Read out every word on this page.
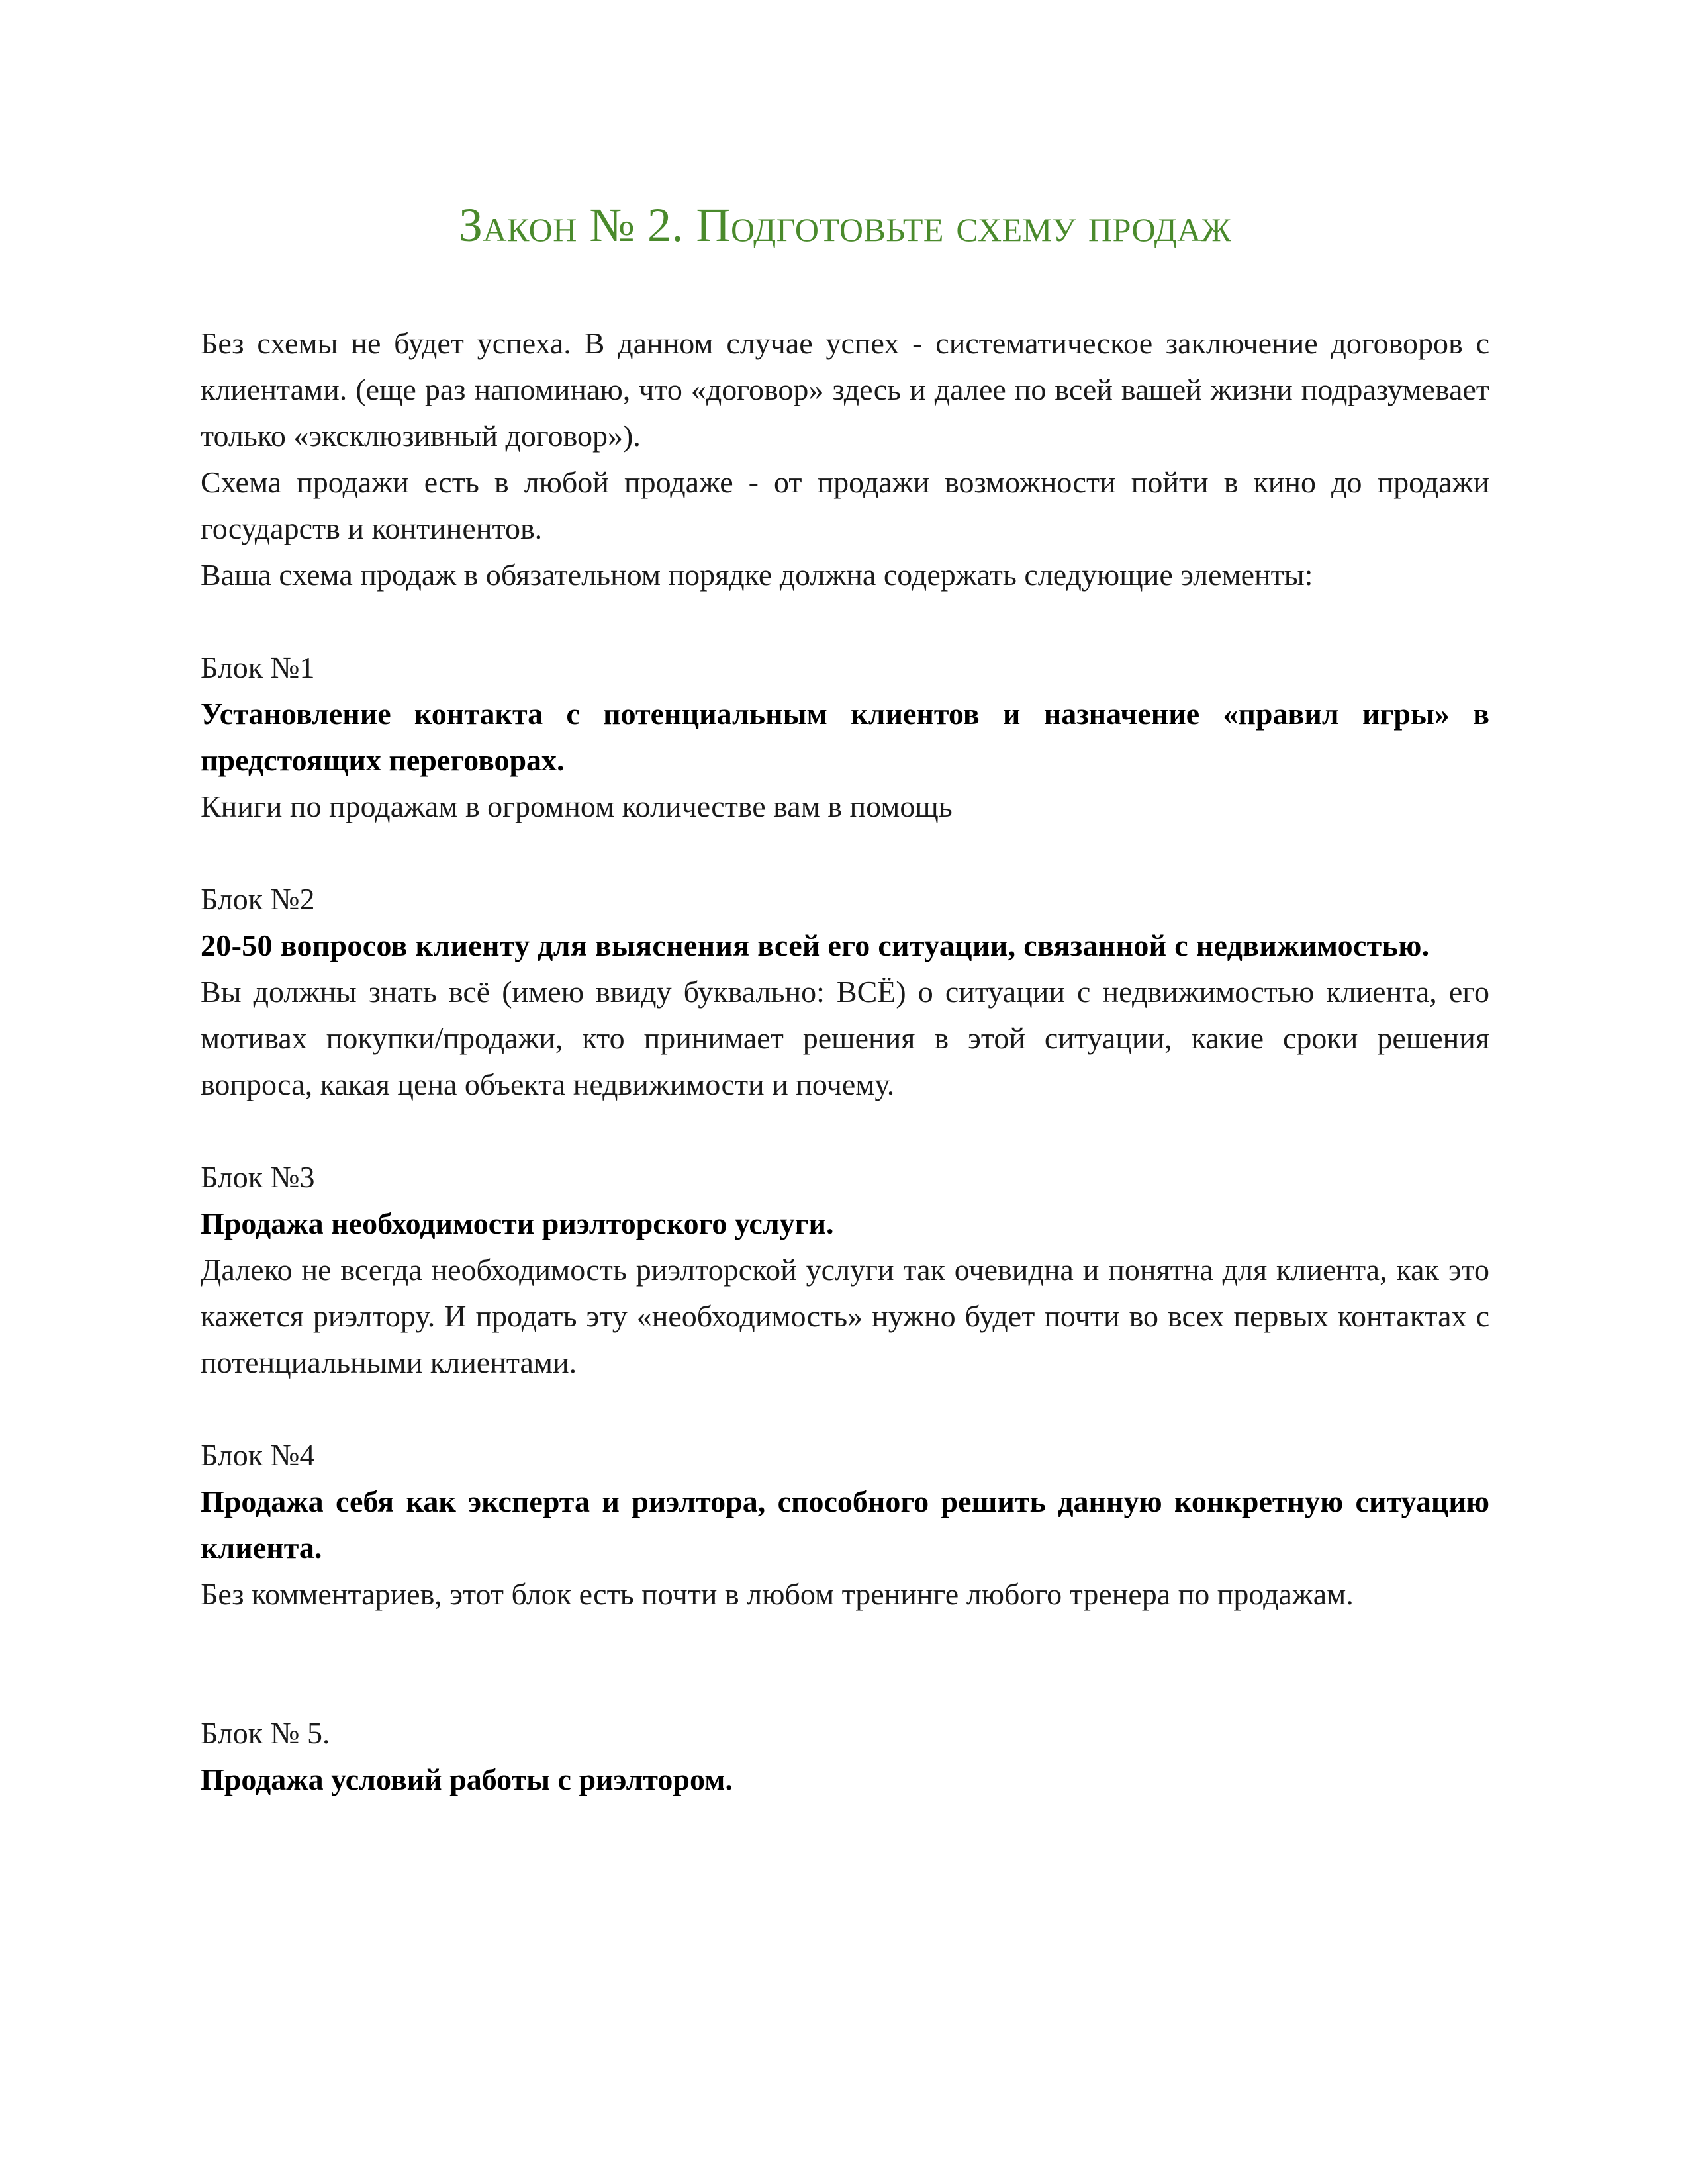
Закон № 2. Подготовьте схему продаж

Без схемы не будет успеха. В данном случае успех - систематическое заключение договоров с клиентами. (еще раз напоминаю, что «договор» здесь и далее по всей вашей жизни подразумевает только «эксклюзивный договор»).

Схема продажи есть в любой продаже - от продажи возможности пойти в кино до продажи государств и континентов.

Ваша схема продаж в обязательном порядке должна содержать следующие элементы:

Блок №1

Установление контакта с потенциальным клиентов и назначение «правил игры» в предстоящих переговорах.

Книги по продажам в огромном количестве вам в помощь

Блок №2

20-50 вопросов клиенту для выяснения всей его ситуации, связанной с недвижимостью.

Вы должны знать всё (имею ввиду буквально: ВСЁ) о ситуации с недвижимостью клиента, его мотивах покупки/продажи, кто принимает решения в этой ситуации, какие сроки решения вопроса, какая цена объекта недвижимости и почему.

Блок №3

Продажа необходимости риэлторского услуги.

Далеко не всегда необходимость риэлторской услуги так очевидна и понятна для клиента, как это кажется риэлтору. И продать эту «необходимость» нужно будет почти во всех первых контактах с потенциальными клиентами.

Блок №4

Продажа себя как эксперта и риэлтора, способного решить данную конкретную ситуацию клиента.

Без комментариев, этот блок есть почти в любом тренинге любого тренера по продажам.

Блок № 5.

Продажа условий работы с риэлтором.
